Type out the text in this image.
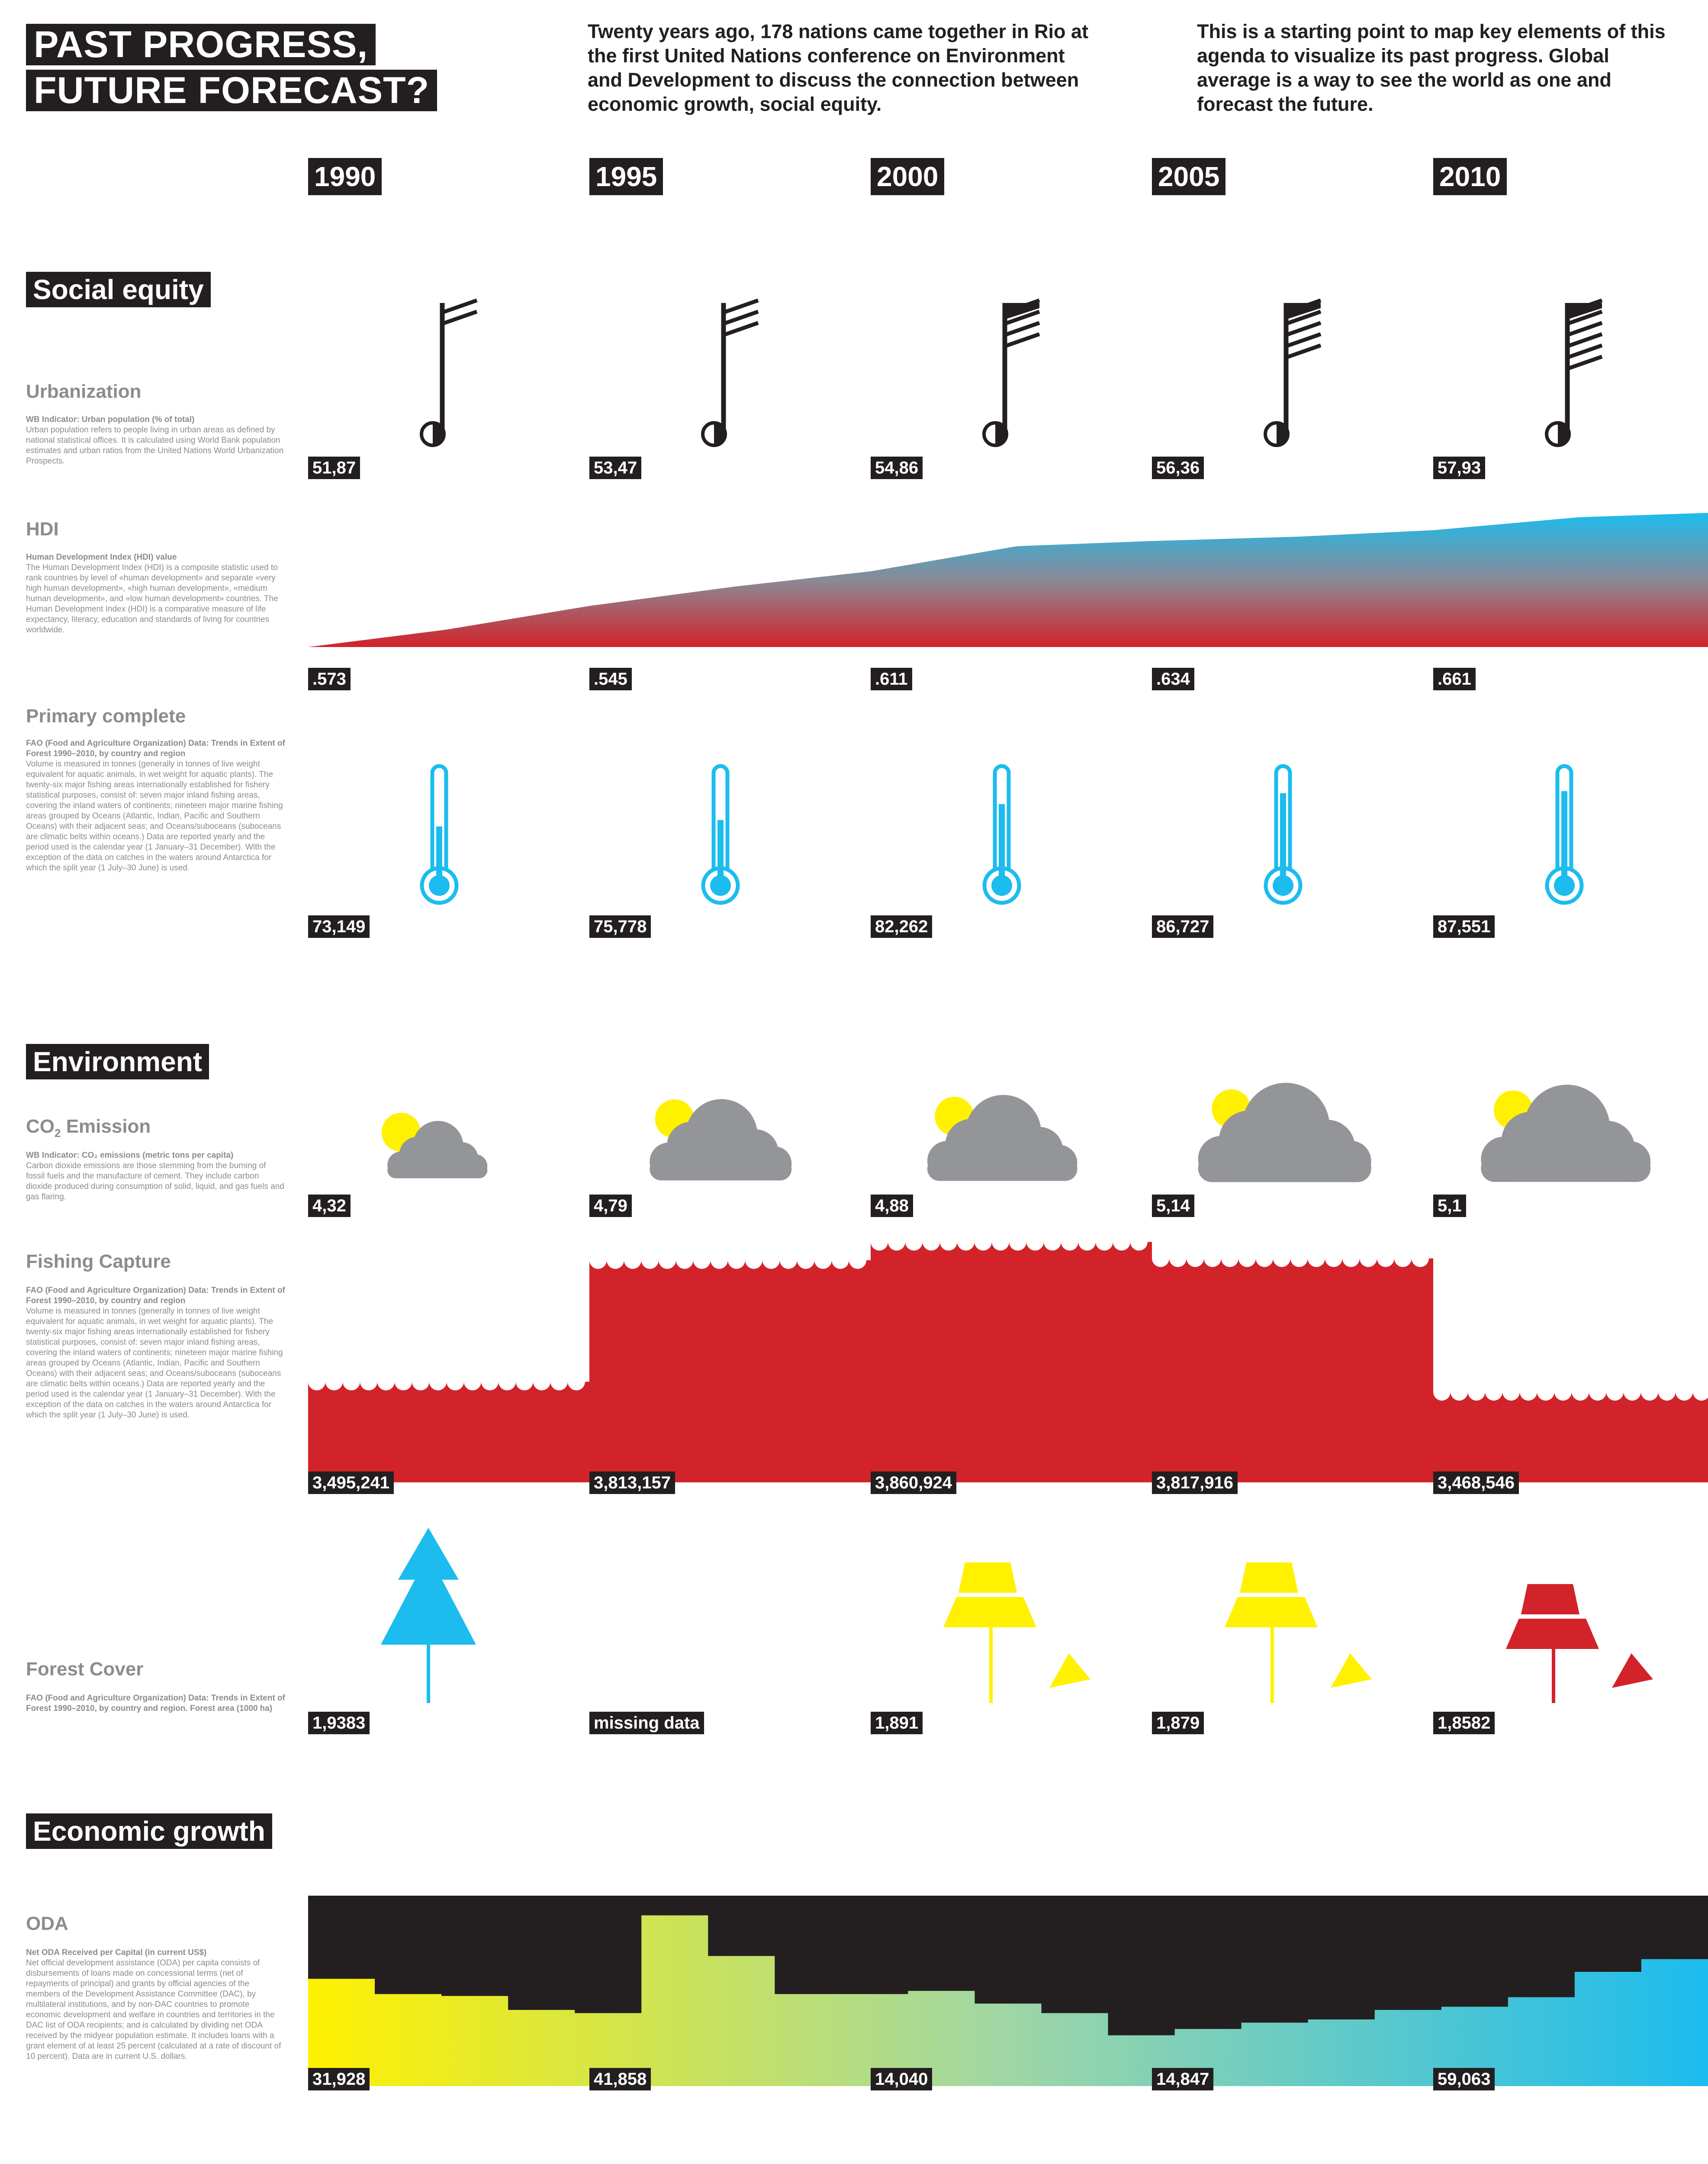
PAST PROGRESS,
FUTURE FORECAST?

Twenty years ago, 178 nations came together in Rio at the first United Nations conference on Environment and Development to discuss the connection between economic growth, social equity.

This is a starting point to map key elements of this agenda to visualize its past progress. Global average is a way to see the world as one and forecast the future.

1990	1995	2000	2005	2010
Social equity
Environment
Economic growth
Urbanization

WB Indicator: Urban population (% of total)
Urban population refers to people living in urban areas as defined by national statistical offices. It is calculated using World Bank population estimates and urban ratios from the United Nations World Urbanization Prospects.

HDI

Human Development Index (HDI) value
The Human Development Index (HDI) is a composite statistic used to rank countries by level of «human development» and separate «very high human development», «high human development», «medium human development», and «low human development» countries. The Human Development Index (HDI) is a comparative measure of life expectancy, literacy, education and standards of living for countries worldwide.

Primary complete

FAO (Food and Agriculture Organization) Data: Trends in Extent of Forest 1990–2010, by country and region
Volume is measured in tonnes (generally in tonnes of live weight equivalent for aquatic animals, in wet weight for aquatic plants). The twenty-six major fishing areas internationally established for fishery statistical purposes, consist of: seven major inland fishing areas, covering the inland waters of continents; nineteen major marine fishing areas grouped by Oceans (Atlantic, Indian, Pacific and Southern Oceans) with their adjacent seas; and Oceans/suboceans (suboceans are climatic belts within oceans.) Data are reported yearly and the period used is the calendar year (1 January–31 December). With the exception of the data on catches in the waters around Antarctica for which the split year (1 July–30 June) is used.

$CO_2$ Emission

WB Indicator: CO₂ emissions (metric tons per capita)
Carbon dioxide emissions are those stemming from the burning of fossil fuels and the manufacture of cement. They include carbon dioxide produced during consumption of solid, liquid, and gas fuels and gas flaring.

Fishing Capture

FAO (Food and Agriculture Organization) Data: Trends in Extent of Forest 1990–2010, by country and region
Volume is measured in tonnes (generally in tonnes of live weight equivalent for aquatic animals, in wet weight for aquatic plants). The twenty-six major fishing areas internationally established for fishery statistical purposes, consist of: seven major inland fishing areas, covering the inland waters of continents; nineteen major marine fishing areas grouped by Oceans (Atlantic, Indian, Pacific and Southern Oceans) with their adjacent seas; and Oceans/suboceans (suboceans are climatic belts within oceans.) Data are reported yearly and the period used is the calendar year (1 January–31 December). With the exception of the data on catches in the waters around Antarctica for which the split year (1 July–30 June) is used.

Forest Cover

FAO (Food and Agriculture Organization) Data: Trends in Extent of Forest 1990–2010, by country and region. Forest area (1000 ha)

ODA

Net ODA Received per Capital (in current US$)
Net official development assistance (ODA) per capita consists of disbursements of loans made on concessional terms (net of repayments of principal) and grants by official agencies of the members of the Development Assistance Committee (DAC), by multilateral institutions, and by non-DAC countries to promote economic development and welfare in countries and territories in the DAC list of ODA recipients; and is calculated by dividing net ODA received by the midyear population estimate. It includes loans with a grant element of at least 25 percent (calculated at a rate of discount of 10 percent). Data are in current U.S. dollars.

51,87	53,47	54,86	56,36	57,93
.573	.545	.611	.634	.661
73,149	75,778	82,262	86,727	87,551
4,32	4,79	4,88	5,14	5,1
3,495,241	3,813,157	3,860,924	3,817,916	3,468,546
1,9383	missing data	1,891	1,879	1,8582
31,928	41,858	14,040	14,847	59,063
